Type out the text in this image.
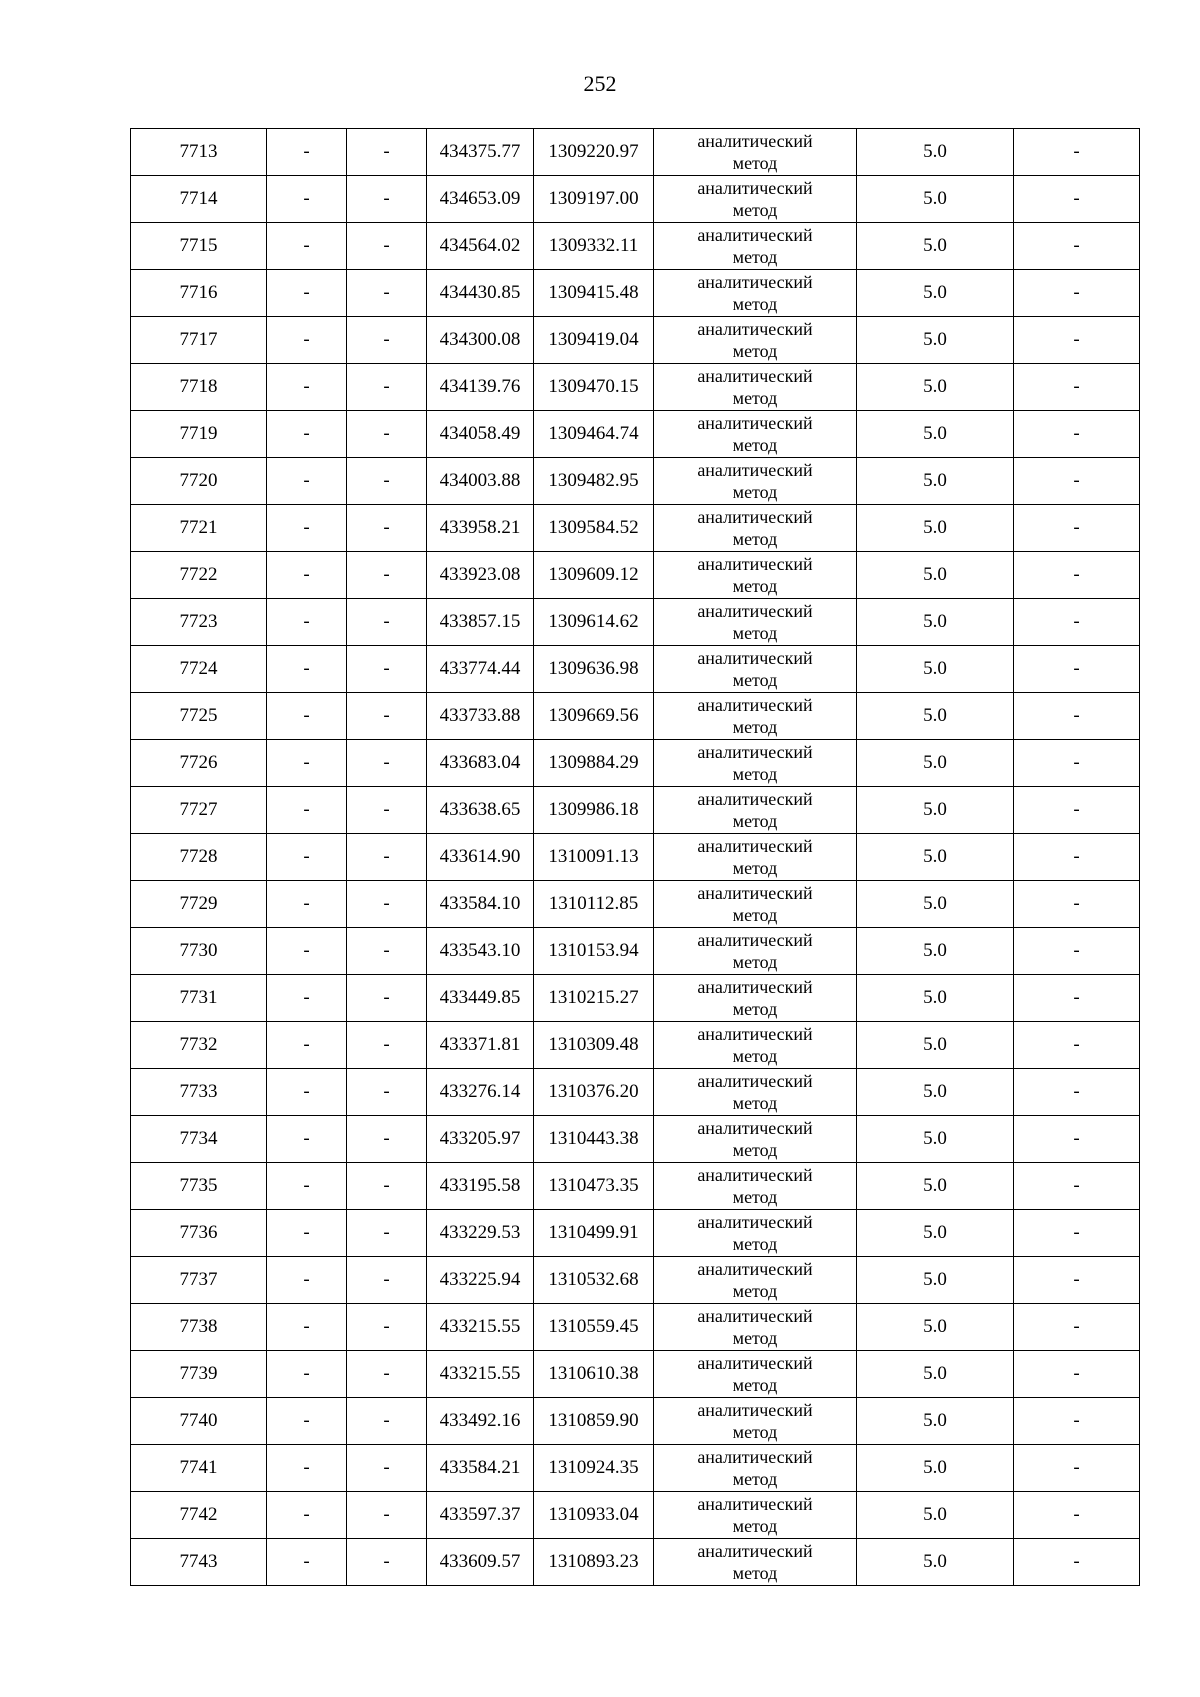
252
7713	-	-	434375.77	1309220.97	аналитический
метод	5.0	-
7714	-	-	434653.09	1309197.00	аналитический
метод	5.0	-
7715	-	-	434564.02	1309332.11	аналитический
метод	5.0	-
7716	-	-	434430.85	1309415.48	аналитический
метод	5.0	-
7717	-	-	434300.08	1309419.04	аналитический
метод	5.0	-
7718	-	-	434139.76	1309470.15	аналитический
метод	5.0	-
7719	-	-	434058.49	1309464.74	аналитический
метод	5.0	-
7720	-	-	434003.88	1309482.95	аналитический
метод	5.0	-
7721	-	-	433958.21	1309584.52	аналитический
метод	5.0	-
7722	-	-	433923.08	1309609.12	аналитический
метод	5.0	-
7723	-	-	433857.15	1309614.62	аналитический
метод	5.0	-
7724	-	-	433774.44	1309636.98	аналитический
метод	5.0	-
7725	-	-	433733.88	1309669.56	аналитический
метод	5.0	-
7726	-	-	433683.04	1309884.29	аналитический
метод	5.0	-
7727	-	-	433638.65	1309986.18	аналитический
метод	5.0	-
7728	-	-	433614.90	1310091.13	аналитический
метод	5.0	-
7729	-	-	433584.10	1310112.85	аналитический
метод	5.0	-
7730	-	-	433543.10	1310153.94	аналитический
метод	5.0	-
7731	-	-	433449.85	1310215.27	аналитический
метод	5.0	-
7732	-	-	433371.81	1310309.48	аналитический
метод	5.0	-
7733	-	-	433276.14	1310376.20	аналитический
метод	5.0	-
7734	-	-	433205.97	1310443.38	аналитический
метод	5.0	-
7735	-	-	433195.58	1310473.35	аналитический
метод	5.0	-
7736	-	-	433229.53	1310499.91	аналитический
метод	5.0	-
7737	-	-	433225.94	1310532.68	аналитический
метод	5.0	-
7738	-	-	433215.55	1310559.45	аналитический
метод	5.0	-
7739	-	-	433215.55	1310610.38	аналитический
метод	5.0	-
7740	-	-	433492.16	1310859.90	аналитический
метод	5.0	-
7741	-	-	433584.21	1310924.35	аналитический
метод	5.0	-
7742	-	-	433597.37	1310933.04	аналитический
метод	5.0	-
7743	-	-	433609.57	1310893.23	аналитический
метод	5.0	-
